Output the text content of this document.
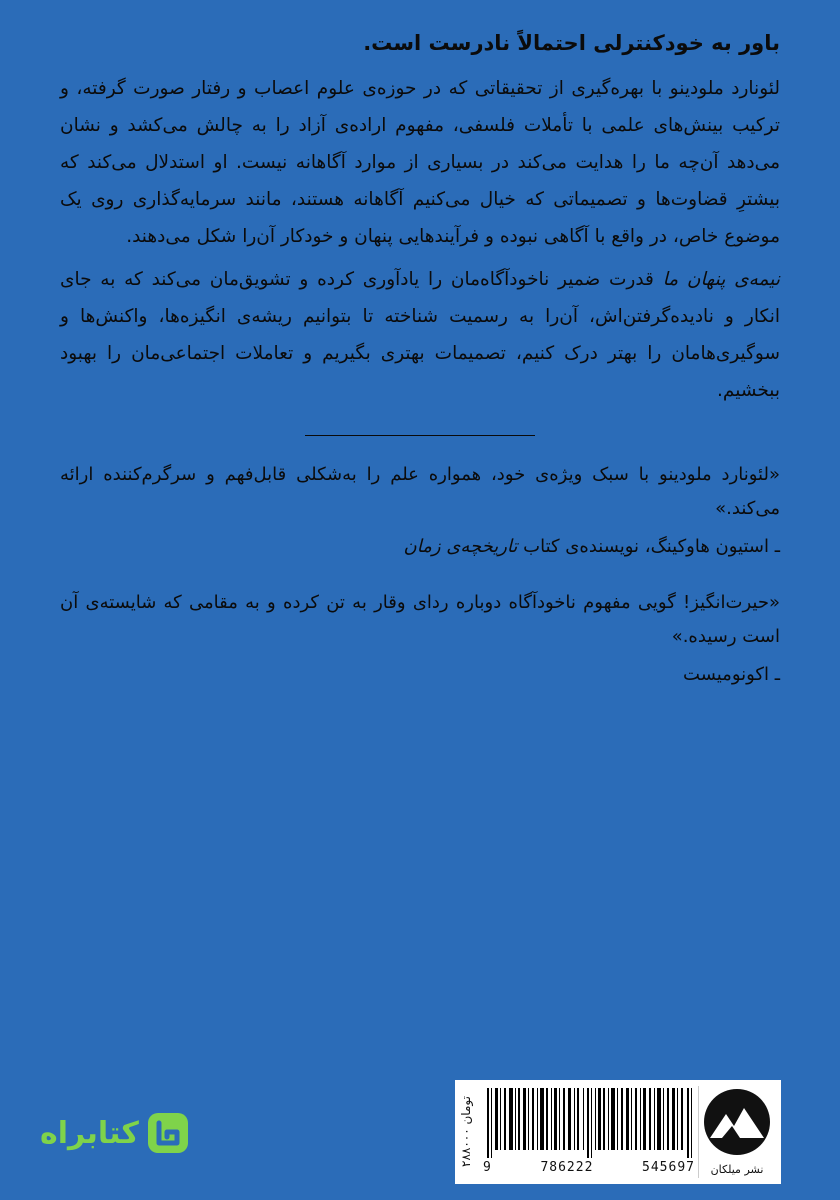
باور به خودکنترلی احتمالاً نادرست است.

لئونارد ملودینو با بهره‌گیری از تحقیقاتی که در حوزه‌ی علوم اعصاب و رفتار صورت گرفته، و ترکیب بینش‌های علمی با تأملات فلسفی، مفهوم اراده‌ی آزاد را به چالش می‌کشد و نشان می‌دهد آن‌چه ما را هدایت می‌کند در بسیاری از موارد آگاهانه نیست. او استدلال می‌کند که بیشترِ قضاوت‌ها و تصمیماتی که خیال می‌کنیم آگاهانه هستند، مانند سرمایه‌گذاری روی یک موضوع خاص، در واقع با آگاهی نبوده و فرآیندهایی پنهان و خودکار آن‌را شکل می‌دهند.

نیمه‌ی پنهان ما قدرت ضمیر ناخودآگاه‌مان را یادآوری کرده و تشویق‌مان می‌کند که به جای انکار و نادیده‌گرفتن‌اش، آن‌را به رسمیت شناخته تا بتوانیم ریشه‌ی انگیزه‌ها، واکنش‌ها و سوگیری‌هامان را بهتر درک کنیم، تصمیمات بهتری بگیریم و تعاملات اجتماعی‌مان را بهبود ببخشیم.

«لئونارد ملودینو با سبک ویژه‌ی خود، همواره علم را به‌شکلی قابل‌فهم و سرگرم‌کننده ارائه می‌کند.»

ـ استیون هاوکینگ، نویسنده‌ی کتاب تاریخچه‌ی زمان

«حیرت‌انگیز! گویی مفهوم ناخودآگاه دوباره ردای وقار به تن کرده و به مقامی که شایسته‌ی آن است رسیده.»

ـ اکونومیست

کتابراه	۲۸۸۰۰۰ تومان
9	786222	545697	نشر میلکان
